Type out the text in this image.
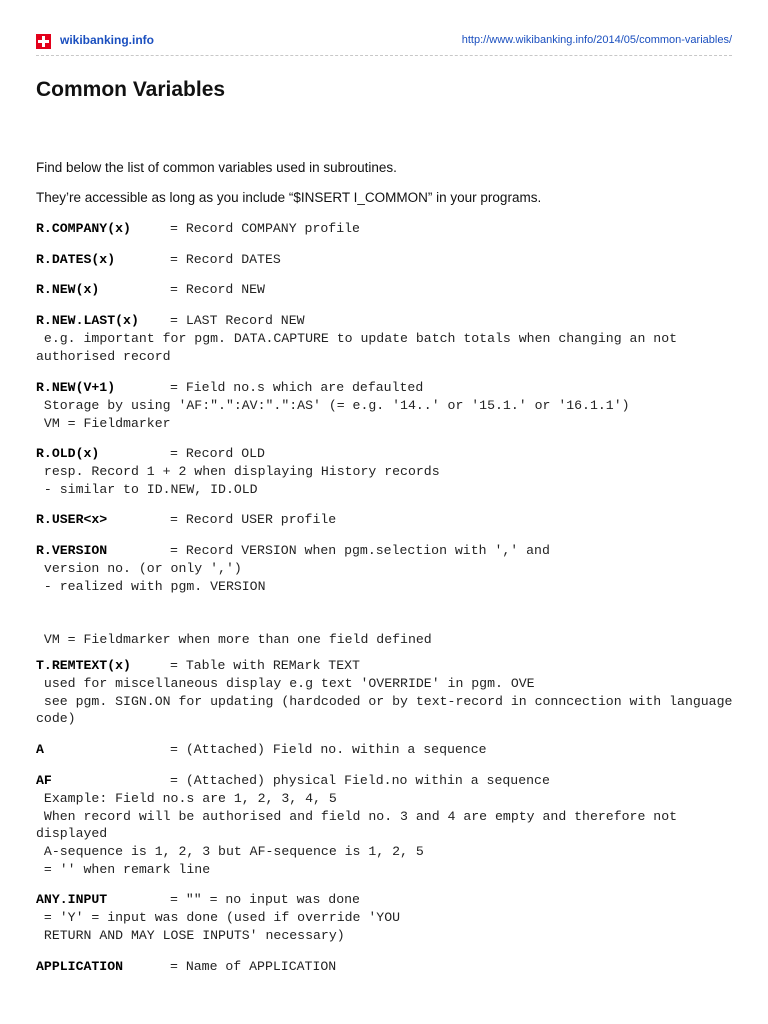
wikibanking.info	http://www.wikibanking.info/2014/05/common-variables/
Common Variables

Find below the list of common variables used in subroutines.

They’re accessible as long as you include “$INSERT I_COMMON” in your programs.

R.COMPANY(x)	= Record COMPANY profile
R.DATES(x)	= Record DATES
R.NEW(x)	= Record NEW
R.NEW.LAST(x)	= LAST Record NEW
e.g. important for pgm. DATA.CAPTURE to update batch totals when changing an not authorised record
R.NEW(V+1)	= Field no.s which are defaulted
Storage by using 'AF:".":AV:".":AS' (= e.g. '14..' or '15.1.' or '16.1.1')
VM = Fieldmarker
R.OLD(x)	= Record OLD
resp. Record 1 + 2 when displaying History records
- similar to ID.NEW, ID.OLD
R.USER<x>	= Record USER profile
R.VERSION	= Record VERSION when pgm.selection with ',' and
version no. (or only ',')
- realized with pgm. VERSION

VM = Fieldmarker when more than one field defined
T.REMTEXT(x)	= Table with REMark TEXT
used for miscellaneous display e.g text 'OVERRIDE' in pgm. OVE
see pgm. SIGN.ON for updating (hardcoded or by text-record in conncection with language code)
A	= (Attached) Field no. within a sequence
AF	= (Attached) physical Field.no within a sequence
Example: Field no.s are 1, 2, 3, 4, 5
When record will be authorised and field no. 3 and 4 are empty and therefore not displayed
A-sequence is 1, 2, 3 but AF-sequence is 1, 2, 5
= '' when remark line
ANY.INPUT	= "" = no input was done
= 'Y' = input was done (used if override 'YOU
RETURN AND MAY LOSE INPUTS' necessary)
APPLICATION	= Name of APPLICATION
